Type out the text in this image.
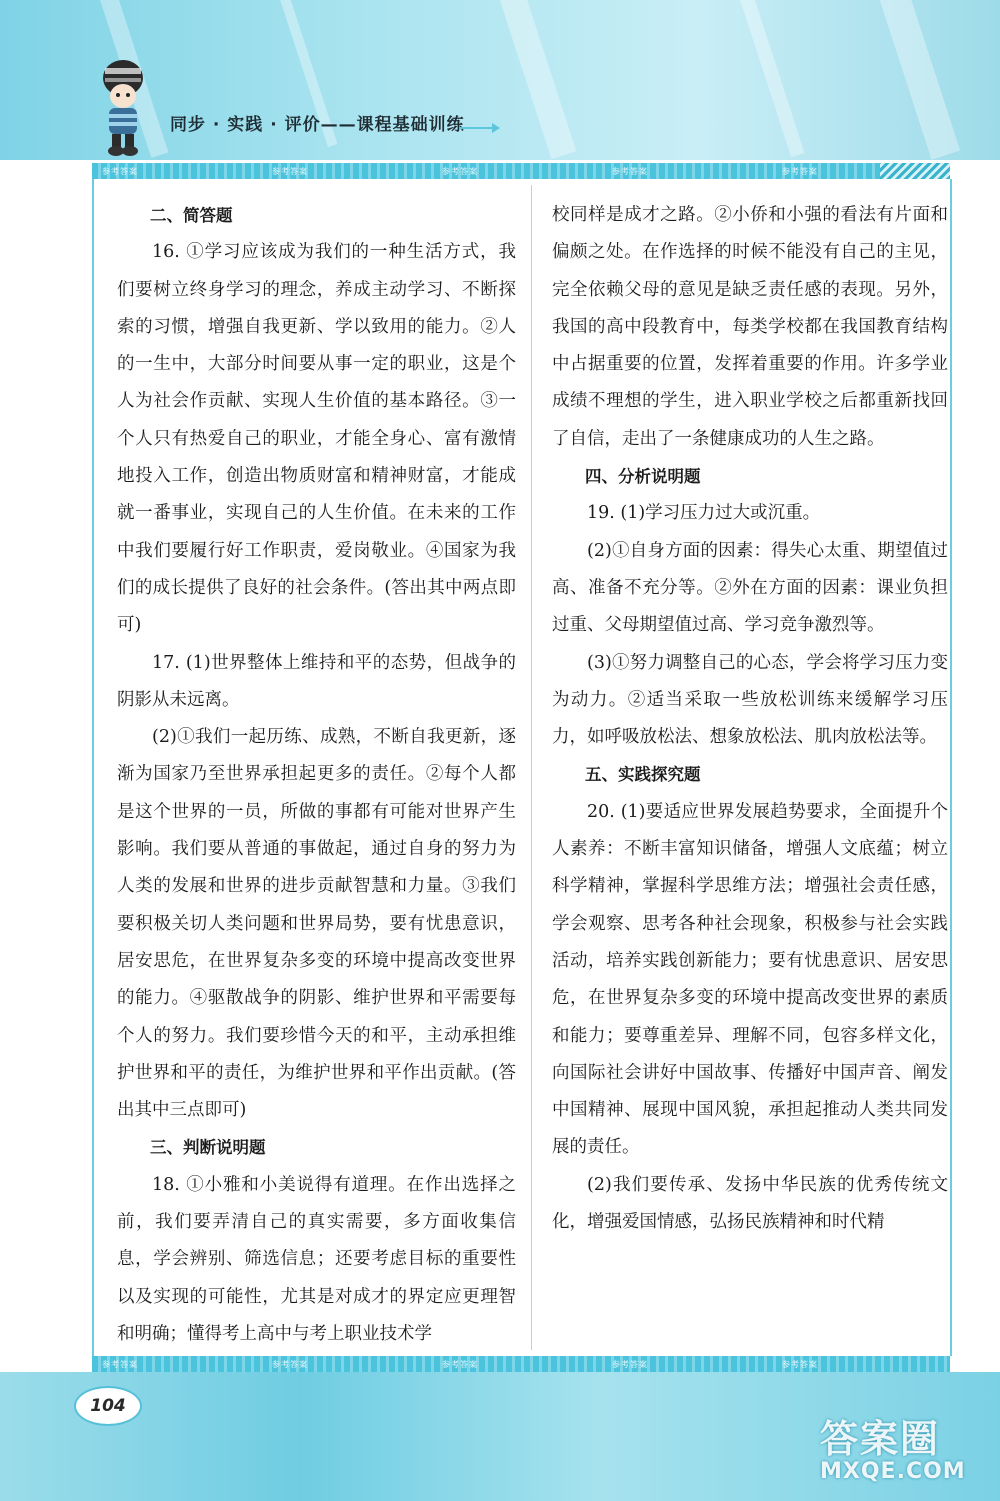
同步 · 实践 · 评价——课程基础训练
参考答案	参考答案	参考答案	参考答案	参考答案

二、简答题

16. ①学习应该成为我们的一种生活方式，我们要树立终身学习的理念，养成主动学习、不断探索的习惯，增强自我更新、学以致用的能力。②人的一生中，大部分时间要从事一定的职业，这是个人为社会作贡献、实现人生价值的基本路径。③一个人只有热爱自己的职业，才能全身心、富有激情地投入工作，创造出物质财富和精神财富，才能成就一番事业，实现自己的人生价值。在未来的工作中我们要履行好工作职责，爱岗敬业。④国家为我们的成长提供了良好的社会条件。(答出其中两点即可)

17. (1)世界整体上维持和平的态势，但战争的阴影从未远离。

(2)①我们一起历练、成熟，不断自我更新，逐渐为国家乃至世界承担起更多的责任。②每个人都是这个世界的一员，所做的事都有可能对世界产生影响。我们要从普通的事做起，通过自身的努力为人类的发展和世界的进步贡献智慧和力量。③我们要积极关切人类问题和世界局势，要有忧患意识，居安思危，在世界复杂多变的环境中提高改变世界的能力。④驱散战争的阴影、维护世界和平需要每个人的努力。我们要珍惜今天的和平，主动承担维护世界和平的责任，为维护世界和平作出贡献。(答出其中三点即可)

三、判断说明题

18. ①小雅和小美说得有道理。在作出选择之前，我们要弄清自己的真实需要，多方面收集信息，学会辨别、筛选信息；还要考虑目标的重要性以及实现的可能性，尤其是对成才的界定应更理智和明确；懂得考上高中与考上职业技术学

校同样是成才之路。②小侨和小强的看法有片面和偏颇之处。在作选择的时候不能没有自己的主见，完全依赖父母的意见是缺乏责任感的表现。另外，我国的高中段教育中，每类学校都在我国教育结构中占据重要的位置，发挥着重要的作用。许多学业成绩不理想的学生，进入职业学校之后都重新找回了自信，走出了一条健康成功的人生之路。

四、分析说明题

19. (1)学习压力过大或沉重。

(2)①自身方面的因素：得失心太重、期望值过高、准备不充分等。②外在方面的因素：课业负担过重、父母期望值过高、学习竞争激烈等。

(3)①努力调整自己的心态，学会将学习压力变为动力。②适当采取一些放松训练来缓解学习压力，如呼吸放松法、想象放松法、肌肉放松法等。

五、实践探究题

20. (1)要适应世界发展趋势要求，全面提升个人素养：不断丰富知识储备，增强人文底蕴；树立科学精神，掌握科学思维方法；增强社会责任感，学会观察、思考各种社会现象，积极参与社会实践活动，培养实践创新能力；要有忧患意识、居安思危，在世界复杂多变的环境中提高改变世界的素质和能力；要尊重差异、理解不同，包容多样文化，向国际社会讲好中国故事、传播好中国声音、阐发中国精神、展现中国风貌，承担起推动人类共同发展的责任。

(2)我们要传承、发扬中华民族的优秀传统文化，增强爱国情感，弘扬民族精神和时代精

参考答案	参考答案	参考答案	参考答案	参考答案
104
答案圈
MXQE.COM
